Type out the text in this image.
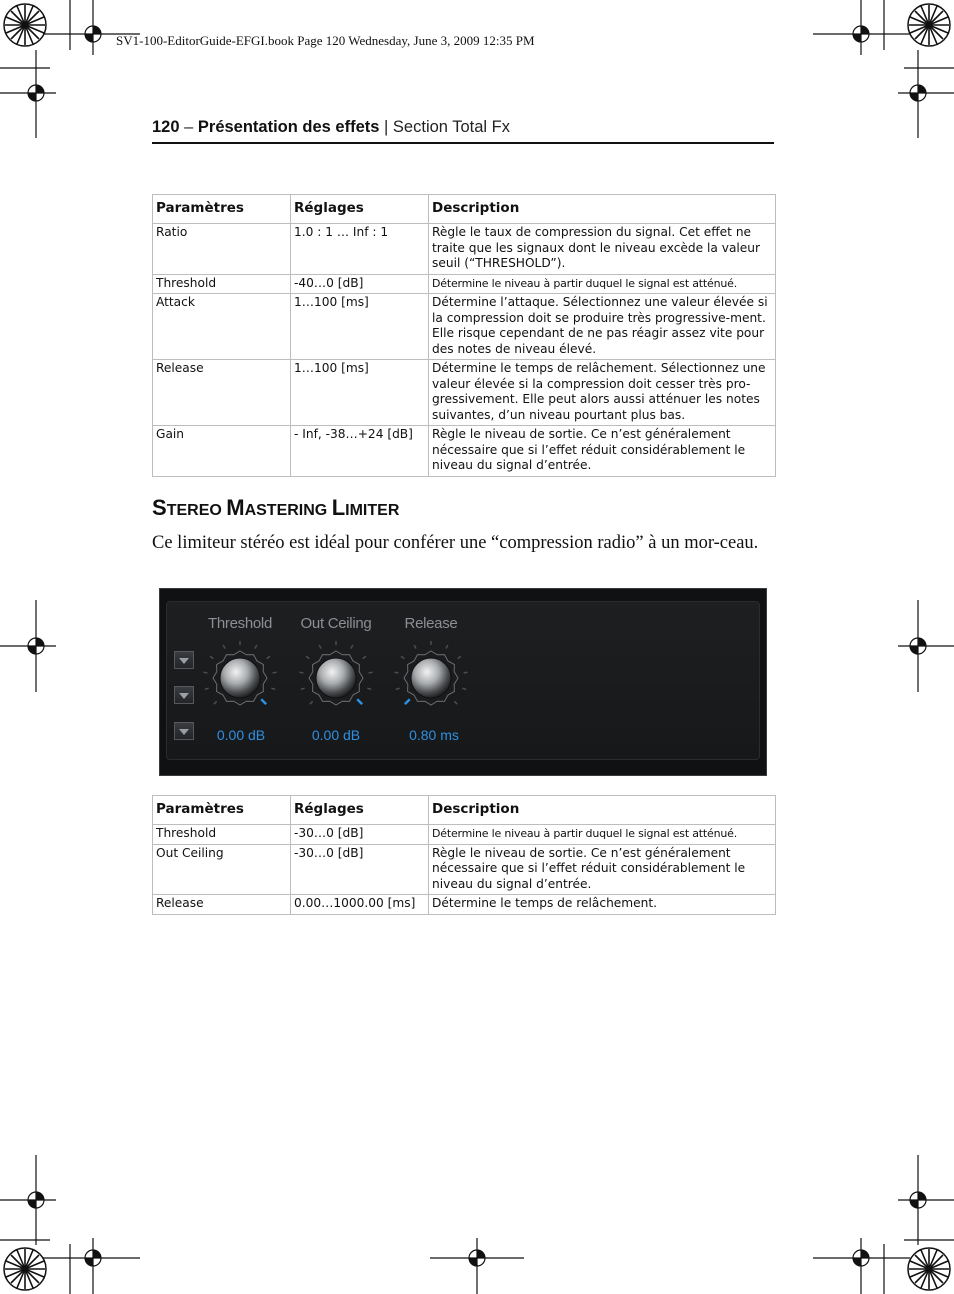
SV1-100-EditorGuide-EFGI.book Page 120 Wednesday, June 3, 2009 12:35 PM
120 – Présentation des effets | Section Total Fx
Paramètres	Réglages	Description
Ratio	1.0 : 1 … Inf : 1	Règle le taux de compression du signal. Cet effet ne traite que les signaux dont le niveau excède la valeur seuil (“THRESHOLD”).
Threshold	-40…0 [dB]	Détermine le niveau à partir duquel le signal est atténué.
Attack	1…100 [ms]	Détermine l’attaque. Sélectionnez une valeur élevée si la compression doit se produire très progressive-ment. Elle risque cependant de ne pas réagir assez vite pour des notes de niveau élevé.
Release	1…100 [ms]	Détermine le temps de relâchement. Sélectionnez une valeur élevée si la compression doit cesser très pro-gressivement. Elle peut alors aussi atténuer les notes suivantes, d’un niveau pourtant plus bas.
Gain	- Inf, -38…+24 [dB]	Règle le niveau de sortie. Ce n’est généralement nécessaire que si l’effet réduit considérablement le niveau du signal d’entrée.
STEREO MASTERING LIMITER
Ce limiteur stéréo est idéal pour conférer une “compression radio” à un mor-ceau.
Threshold	Out Ceiling	Release
0.00 dB	0.00 dB	0.80 ms
Paramètres	Réglages	Description
Threshold	-30…0 [dB]	Détermine le niveau à partir duquel le signal est atténué.
Out Ceiling	-30…0 [dB]	Règle le niveau de sortie. Ce n’est généralement nécessaire que si l’effet réduit considérablement le niveau du signal d’entrée.
Release	0.00…1000.00 [ms]	Détermine le temps de relâchement.
